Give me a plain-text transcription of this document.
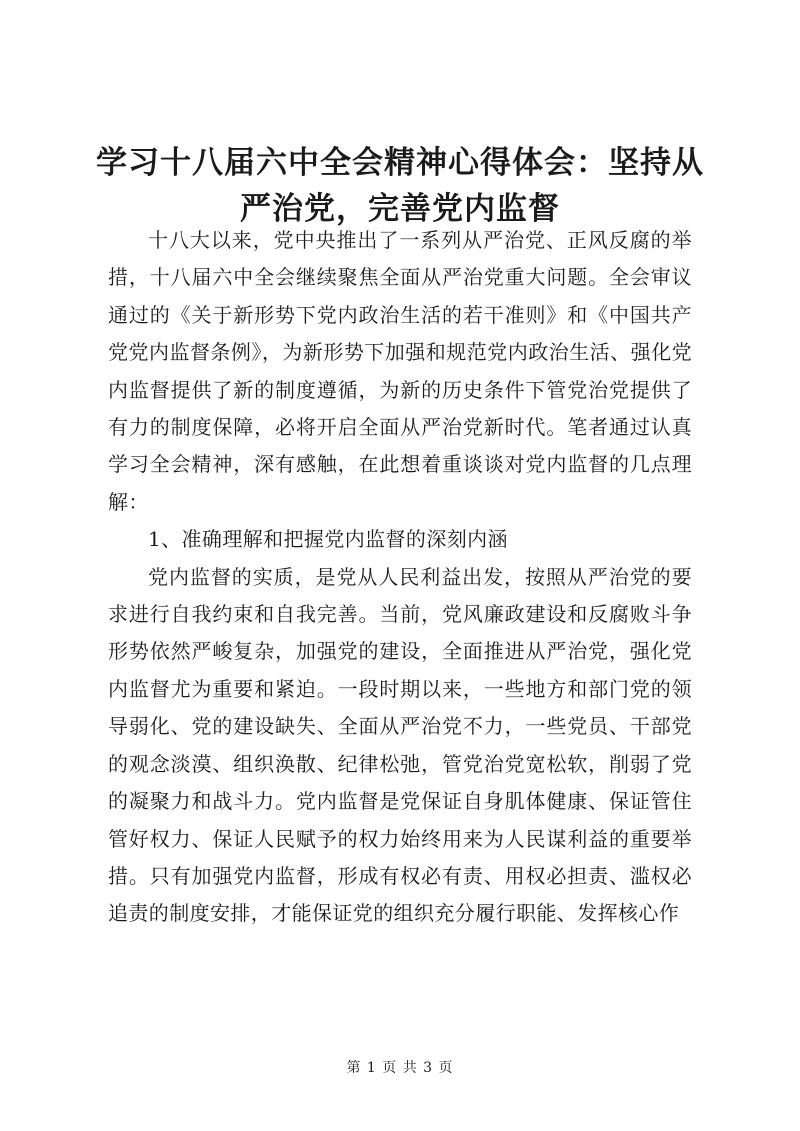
学习十八届六中全会精神心得体会：坚持从严治党，完善党内监督

十八大以来，党中央推出了一系列从严治党、正风反腐的举措，十八届六中全会继续聚焦全面从严治党重大问题。全会审议通过的《关于新形势下党内政治生活的若干准则》和《中国共产党党内监督条例》，为新形势下加强和规范党内政治生活、强化党内监督提供了新的制度遵循，为新的历史条件下管党治党提供了有力的制度保障，必将开启全面从严治党新时代。笔者通过认真学习全会精神，深有感触，在此想着重谈谈对党内监督的几点理解：

1、准确理解和把握党内监督的深刻内涵

党内监督的实质，是党从人民利益出发，按照从严治党的要求进行自我约束和自我完善。当前，党风廉政建设和反腐败斗争形势依然严峻复杂，加强党的建设，全面推进从严治党，强化党内监督尤为重要和紧迫。一段时期以来，一些地方和部门党的领导弱化、党的建设缺失、全面从严治党不力，一些党员、干部党的观念淡漠、组织涣散、纪律松弛，管党治党宽松软，削弱了党的凝聚力和战斗力。党内监督是党保证自身肌体健康、保证管住管好权力、保证人民赋予的权力始终用来为人民谋利益的重要举措。只有加强党内监督，形成有权必有责、用权必担责、滥权必追责的制度安排，才能保证党的组织充分履行职能、发挥核心作

第 1 页 共 3 页
